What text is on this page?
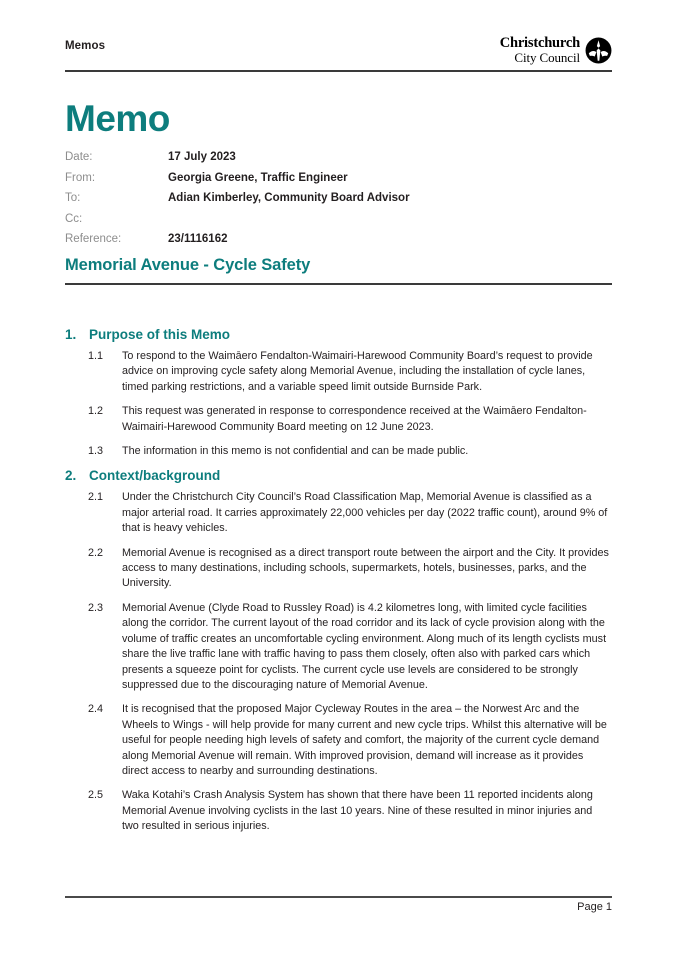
Memos	Christchurch
City Council
Memo
Date:	17 July 2023
From:	Georgia Greene, Traffic Engineer
To:	Adian Kimberley, Community Board Advisor
Cc:
Reference:	23/1116162
Memorial Avenue - Cycle Safety
1. Purpose of this Memo
1.1	To respond to the Waimāero Fendalton-Waimairi-Harewood Community Board’s request to provide advice on improving cycle safety along Memorial Avenue, including the installation of cycle lanes, timed parking restrictions, and a variable speed limit outside Burnside Park.
1.2	This request was generated in response to correspondence received at the Waimāero Fendalton-Waimairi-Harewood Community Board meeting on 12 June 2023.
1.3	The information in this memo is not confidential and can be made public.
2. Context/background
2.1	Under the Christchurch City Council’s Road Classification Map, Memorial Avenue is classified as a major arterial road. It carries approximately 22,000 vehicles per day (2022 traffic count), around 9% of that is heavy vehicles.
2.2	Memorial Avenue is recognised as a direct transport route between the airport and the City. It provides access to many destinations, including schools, supermarkets, hotels, businesses, parks, and the University.
2.3	Memorial Avenue (Clyde Road to Russley Road) is 4.2 kilometres long, with limited cycle facilities along the corridor. The current layout of the road corridor and its lack of cycle provision along with the volume of traffic creates an uncomfortable cycling environment. Along much of its length cyclists must share the live traffic lane with traffic having to pass them closely, often also with parked cars which presents a squeeze point for cyclists. The current cycle use levels are considered to be strongly suppressed due to the discouraging nature of Memorial Avenue.
2.4	It is recognised that the proposed Major Cycleway Routes in the area – the Norwest Arc and the Wheels to Wings - will help provide for many current and new cycle trips. Whilst this alternative will be useful for people needing high levels of safety and comfort, the majority of the current cycle demand along Memorial Avenue will remain. With improved provision, demand will increase as it provides direct access to nearby and surrounding destinations.
2.5	Waka Kotahi’s Crash Analysis System has shown that there have been 11 reported incidents along Memorial Avenue involving cyclists in the last 10 years. Nine of these resulted in minor injuries and two resulted in serious injuries.
Page 1
